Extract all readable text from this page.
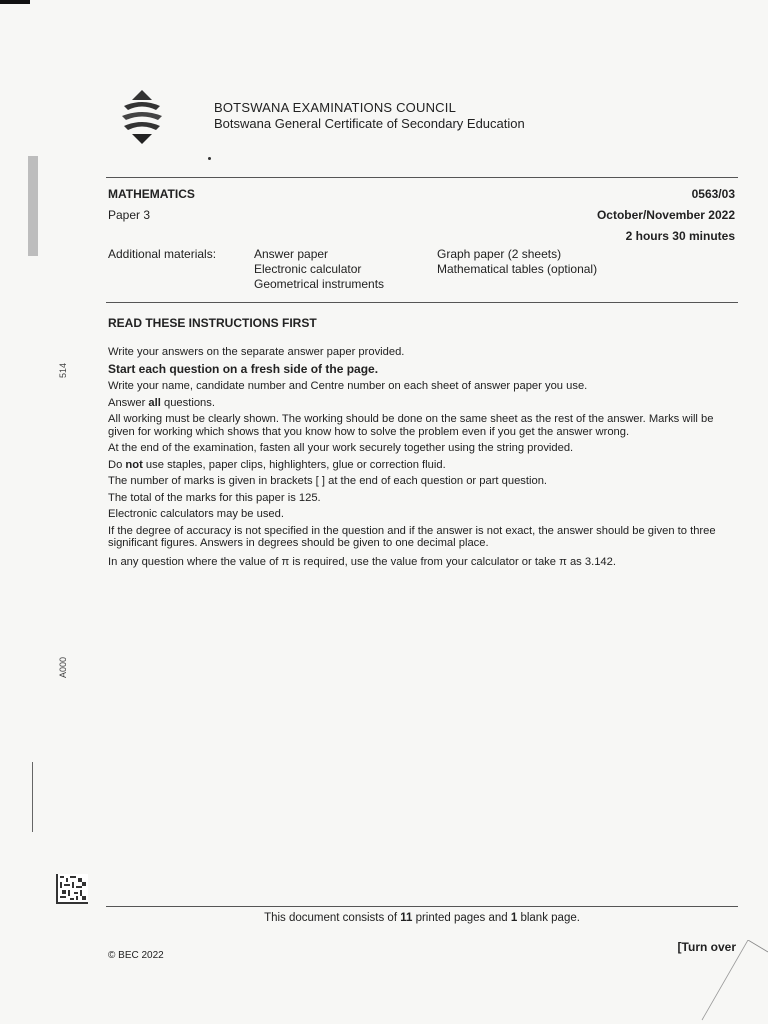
BOTSWANA EXAMINATIONS COUNCIL
Botswana General Certificate of Secondary Education
MATHEMATICS
Paper 3
0563/03
October/November 2022
2 hours 30 minutes
Additional materials:	Answer paper
Electronic calculator
Geometrical instruments
Graph paper (2 sheets)
Mathematical tables (optional)
READ THESE INSTRUCTIONS FIRST

Write your answers on the separate answer paper provided.

Start each question on a fresh side of the page.

Write your name, candidate number and Centre number on each sheet of answer paper you use.

Answer all questions.

All working must be clearly shown. The working should be done on the same sheet as the rest of the answer. Marks will be given for working which shows that you know how to solve the problem even if you get the answer wrong.

At the end of the examination, fasten all your work securely together using the string provided.

Do not use staples, paper clips, highlighters, glue or correction fluid.

The number of marks is given in brackets [ ] at the end of each question or part question.

The total of the marks for this paper is 125.

Electronic calculators may be used.

If the degree of accuracy is not specified in the question and if the answer is not exact, the answer should be given to three significant figures. Answers in degrees should be given to one decimal place.

In any question where the value of π is required, use the value from your calculator or take π as 3.142.

514
A000
This document consists of 11 printed pages and 1 blank page.
© BEC 2022
[Turn over
